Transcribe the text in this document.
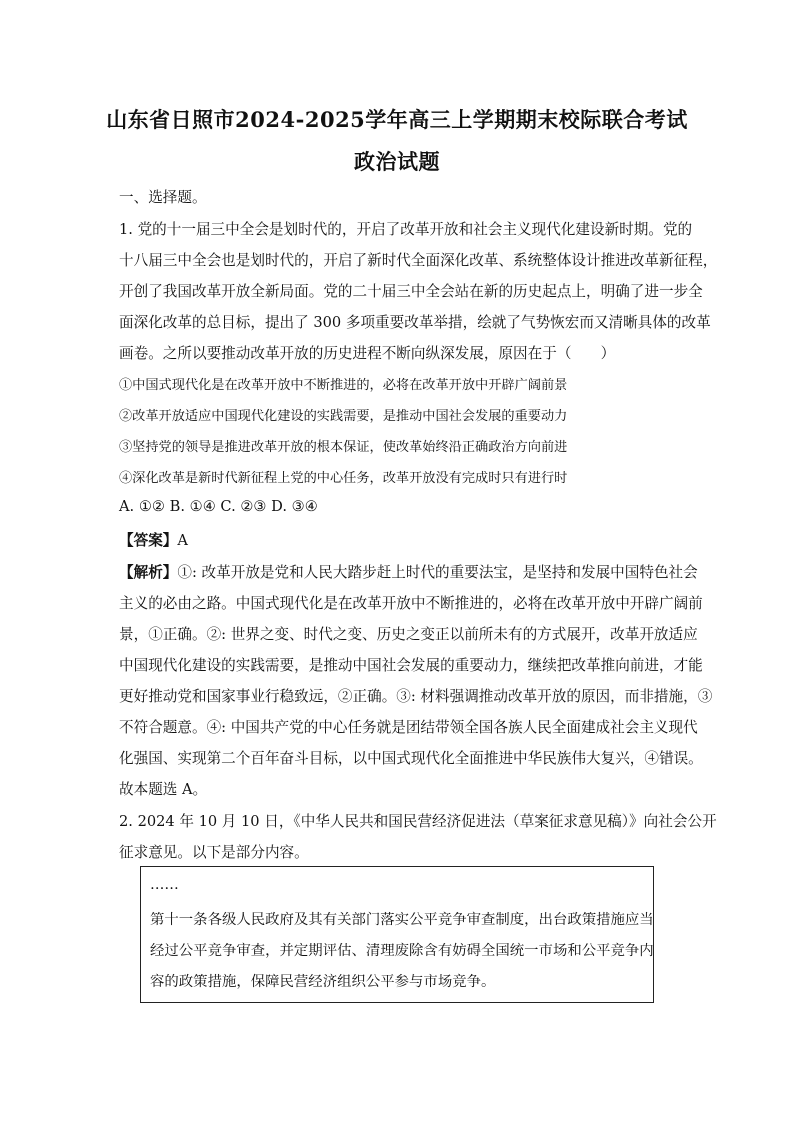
山东省日照市2024-2025学年高三上学期期末校际联合考试
政治试题
一、选择题。
1. 党的十一届三中全会是划时代的，开启了改革开放和社会主义现代化建设新时期。党的
十八届三中全会也是划时代的，开启了新时代全面深化改革、系统整体设计推进改革新征程，
开创了我国改革开放全新局面。党的二十届三中全会站在新的历史起点上，明确了进一步全
面深化改革的总目标，提出了 300 多项重要改革举措，绘就了气势恢宏而又清晰具体的改革
画卷。之所以要推动改革开放的历史进程不断向纵深发展，原因在于（　　）
①中国式现代化是在改革开放中不断推进的，必将在改革开放中开辟广阔前景
②改革开放适应中国现代化建设的实践需要，是推动中国社会发展的重要动力
③坚持党的领导是推进改革开放的根本保证，使改革始终沿正确政治方向前进
④深化改革是新时代新征程上党的中心任务，改革开放没有完成时只有进行时
A. ①② B. ①④ C. ②③ D. ③④
【答案】A
【解析】①: 改革开放是党和人民大踏步赶上时代的重要法宝，是坚持和发展中国特色社会
主义的必由之路。中国式现代化是在改革开放中不断推进的，必将在改革开放中开辟广阔前
景，①正确。②: 世界之变、时代之变、历史之变正以前所未有的方式展开，改革开放适应
中国现代化建设的实践需要，是推动中国社会发展的重要动力，继续把改革推向前进，才能
更好推动党和国家事业行稳致远，②正确。③: 材料强调推动改革开放的原因，而非措施，③
不符合题意。④: 中国共产党的中心任务就是团结带领全国各族人民全面建成社会主义现代
化强国、实现第二个百年奋斗目标，以中国式现代化全面推进中华民族伟大复兴，④错误。
故本题选 A。
2. 2024 年 10 月 10 日，《中华人民共和国民营经济促进法（草案征求意见稿）》向社会公开
征求意见。以下是部分内容。
……
第十一条各级人民政府及其有关部门落实公平竞争审查制度，出台政策措施应当
经过公平竞争审查，并定期评估、清理废除含有妨碍全国统一市场和公平竞争内
容的政策措施，保障民营经济组织公平参与市场竞争。
